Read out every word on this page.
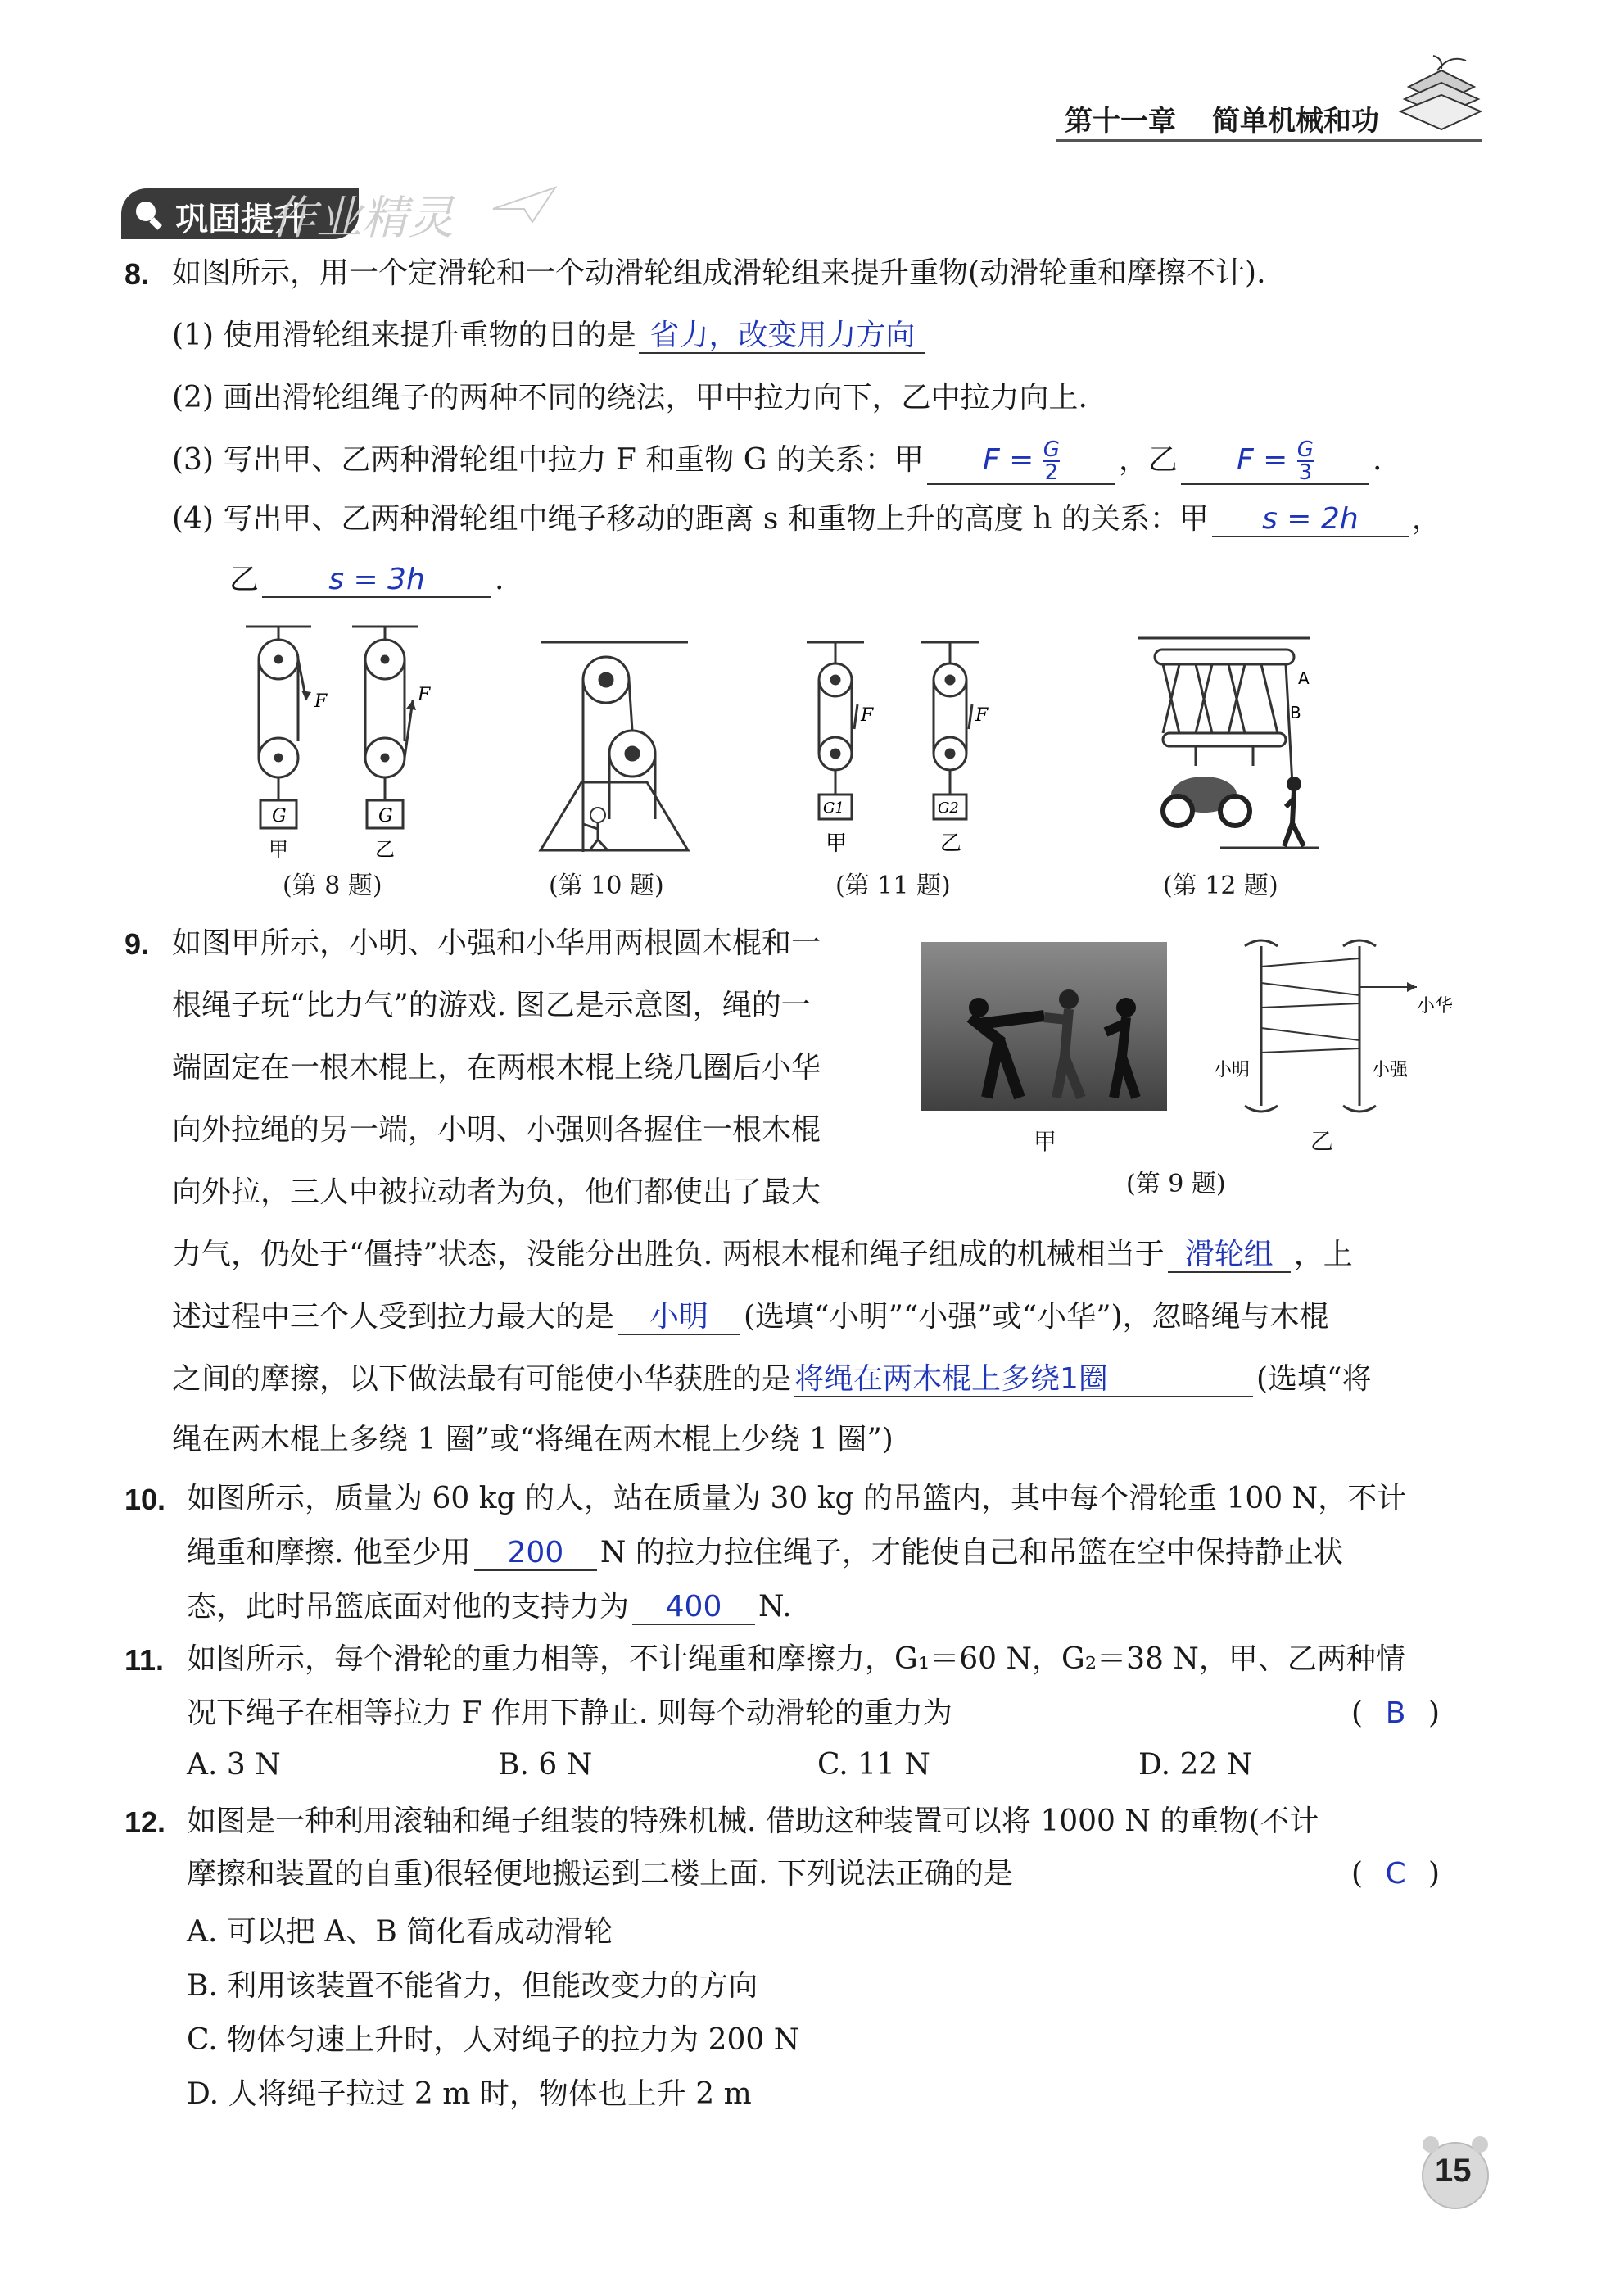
第十一章 简单机械和功
巩固提升
作业精灵
8. 如图所示，用一个定滑轮和一个动滑轮组成滑轮组来提升重物(动滑轮重和摩擦不计).
(1) 使用滑轮组来提升重物的目的是 省力，改变用力方向
(2) 画出滑轮组绳子的两种不同的绕法，甲中拉力向下，乙中拉力向上.
(3) 写出甲、乙两种滑轮组中拉力 F 和重物 G 的关系：甲 $F = \frac{G}{2}$ ，乙 $F = \frac{G}{3}$ .
(4) 写出甲、乙两种滑轮组中绳子移动的距离 s 和重物上升的高度 h 的关系：甲 s = 2h ，
乙 s = 3h .
F	F
G	G
甲	乙
(第 8 题)	(第 10 题)
F	F
G1	G2
甲	乙
(第 11 题)
A
B
(第 12 题)
9. 如图甲所示，小明、小强和小华用两根圆木棍和一
根绳子玩“比力气”的游戏. 图乙是示意图，绳的一
端固定在一根木棍上，在两根木棍上绕几圈后小华
向外拉绳的另一端，小明、小强则各握住一根木棍
向外拉，三人中被拉动者为负，他们都使出了最大
甲
小华
小明	小强
乙
(第 9 题)
力气，仍处于“僵持”状态，没能分出胜负. 两根木棍和绳子组成的机械相当于 滑轮组 ，上
述过程中三个人受到拉力最大的是 小明 (选填“小明”“小强”或“小华”)，忽略绳与木棍
之间的摩擦，以下做法最有可能使小华获胜的是 将绳在两木棍上多绕1圈	(选填“将
绳在两木棍上多绕 1 圈”或“将绳在两木棍上少绕 1 圈”)
10. 如图所示，质量为 60 kg 的人，站在质量为 30 kg 的吊篮内，其中每个滑轮重 100 N，不计
绳重和摩擦. 他至少用 200 N 的拉力拉住绳子，才能使自己和吊篮在空中保持静止状
态，此时吊篮底面对他的支持力为 400 N.
11. 如图所示，每个滑轮的重力相等，不计绳重和摩擦力，G₁＝60 N，G₂＝38 N，甲、乙两种情
况下绳子在相等拉力 F 作用下静止. 则每个动滑轮的重力为	( B )
A. 3 N	B. 6 N	C. 11 N	D. 22 N
12. 如图是一种利用滚轴和绳子组装的特殊机械. 借助这种装置可以将 1000 N 的重物(不计
摩擦和装置的自重)很轻便地搬运到二楼上面. 下列说法正确的是	( C )
A. 可以把 A、B 简化看成动滑轮
B. 利用该装置不能省力，但能改变力的方向
C. 物体匀速上升时，人对绳子的拉力为 200 N
D. 人将绳子拉过 2 m 时，物体也上升 2 m
15
